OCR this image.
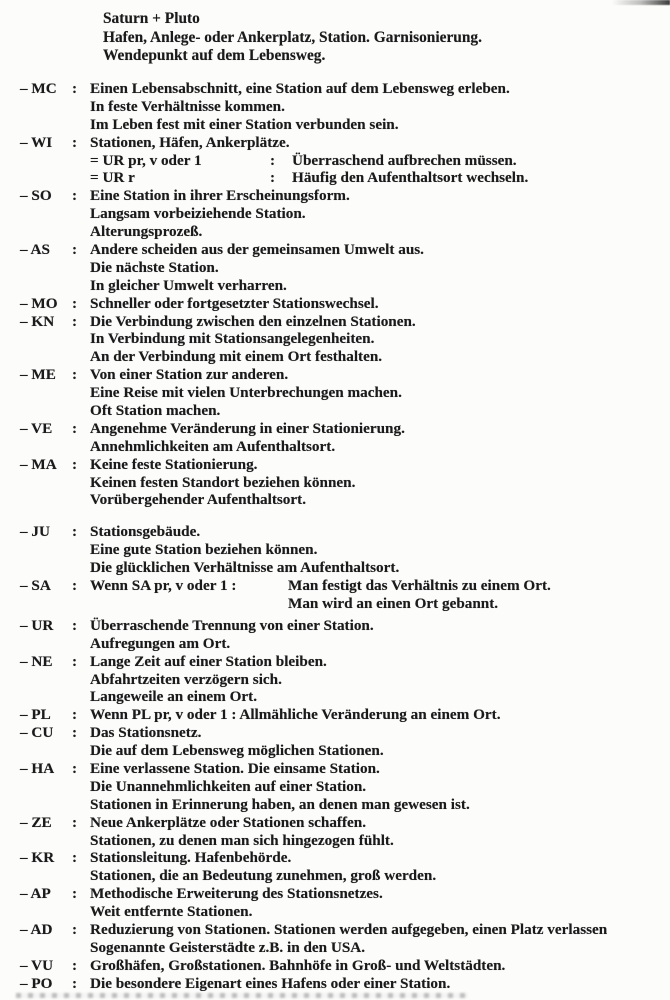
Saturn + Pluto
Hafen, Anlege- oder Ankerplatz, Station. Garnisonierung.
Wendepunkt auf dem Lebensweg.
– MC	: Einen Lebensabschnitt, eine Station auf dem Lebensweg erleben.
In feste Verhältnisse kommen.
Im Leben fest mit einer Station verbunden sein.
– WI	: Stationen, Häfen, Ankerplätze.
= UR pr, v oder 1	:	Überraschend aufbrechen müssen.
= UR r	:	Häufig den Aufenthaltsort wechseln.
– SO	: Eine Station in ihrer Erscheinungsform.
Langsam vorbeiziehende Station.
Alterungsprozeß.
– AS	: Andere scheiden aus der gemeinsamen Umwelt aus.
Die nächste Station.
In gleicher Umwelt verharren.
– MO : Schneller oder fortgesetzter Stationswechsel.
– KN	: Die Verbindung zwischen den einzelnen Stationen.
In Verbindung mit Stationsangelegenheiten.
An der Verbindung mit einem Ort festhalten.
– ME	: Von einer Station zur anderen.
Eine Reise mit vielen Unterbrechungen machen.
Oft Station machen.
– VE	: Angenehme Veränderung in einer Stationierung.
Annehmlichkeiten am Aufenthaltsort.
– MA	: Keine feste Stationierung.
Keinen festen Standort beziehen können.
Vorübergehender Aufenthaltsort.
– JU	: Stationsgebäude.
Eine gute Station beziehen können.
Die glücklichen Verhältnisse am Aufenthaltsort.
– SA	: Wenn SA pr, v oder 1 :	Man festigt das Verhältnis zu einem Ort.
Man wird an einen Ort gebannt.
– UR	: Überraschende Trennung von einer Station.
Aufregungen am Ort.
– NE	: Lange Zeit auf einer Station bleiben.
Abfahrtzeiten verzögern sich.
Langeweile an einem Ort.
– PL	: Wenn PL pr, v oder 1 : Allmähliche Veränderung an einem Ort.
– CU	: Das Stationsnetz.
Die auf dem Lebensweg möglichen Stationen.
– HA	: Eine verlassene Station. Die einsame Station.
Die Unannehmlichkeiten auf einer Station.
Stationen in Erinnerung haben, an denen man gewesen ist.
– ZE	: Neue Ankerplätze oder Stationen schaffen.
Stationen, zu denen man sich hingezogen fühlt.
– KR	: Stationsleitung. Hafenbehörde.
Stationen, die an Bedeutung zunehmen, groß werden.
– AP	: Methodische Erweiterung des Stationsnetzes.
Weit entfernte Stationen.
– AD	: Reduzierung von Stationen. Stationen werden aufgegeben, einen Platz verlassen
Sogenannte Geisterstädte z.B. in den USA.
– VU	: Großhäfen, Großstationen. Bahnhöfe in Groß- und Weltstädten.
– PO	: Die besondere Eigenart eines Hafens oder einer Station.
